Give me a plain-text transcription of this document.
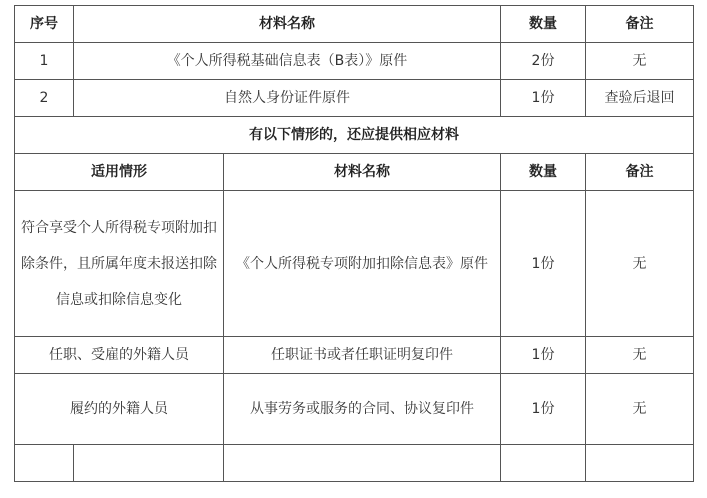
序号	材料名称		数量	备注
1	《个人所得税基础信息表（B表）》原件		2份	无
2	自然人身份证件原件		1份	查验后退回
有以下情形的，还应提供相应材料				
适用情形		材料名称	数量	备注
符合享受个人所得税专项附加扣除条件，且所属年度未报送扣除信息或扣除信息变化		《个人所得税专项附加扣除信息表》原件	1份	无
任职、受雇的外籍人员		任职证书或者任职证明复印件	1份	无
履约的外籍人员		从事劳务或服务的合同、协议复印件	1份	无
